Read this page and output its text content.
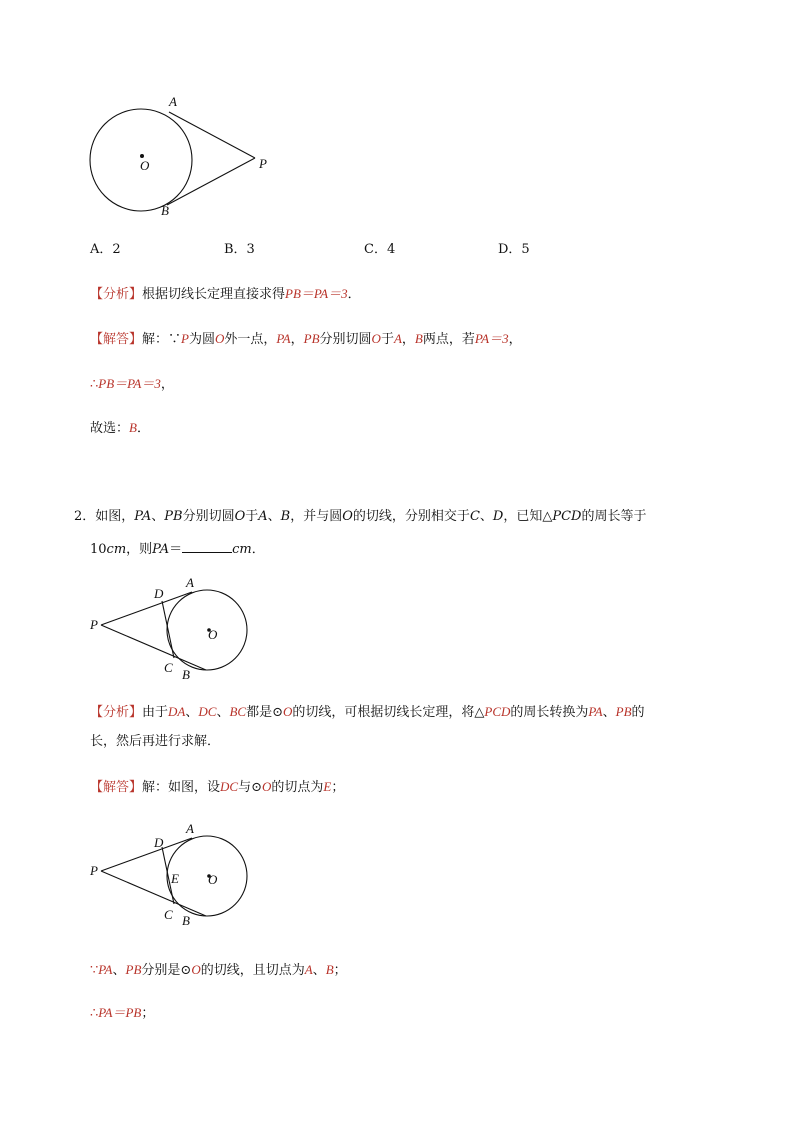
O
A
B
P
A．2	B．3	C．4	D．5
【分析】根据切线长定理直接求得PB＝PA＝3．
【解答】解：∵P为圆O外一点，PA，PB分别切圆O于A，B两点，若PA＝3，
∴PB＝PA＝3，
故选：B．
2．如图，PA、PB分别切圆O于A、B，并与圆O的切线，分别相交于C、D，已知△PCD的周长等于
10cm，则PA＝	cm．
P
A
D
O
C B
【分析】由于DA、DC、BC都是⊙O的切线，可根据切线长定理，将△PCD的周长转换为PA、PB的
长，然后再进行求解．
【解答】解：如图，设DC与⊙O的切点为E；
P
A
D
E O
C B
∵PA、PB分别是⊙O的切线，且切点为A、B；
∴PA＝PB；
